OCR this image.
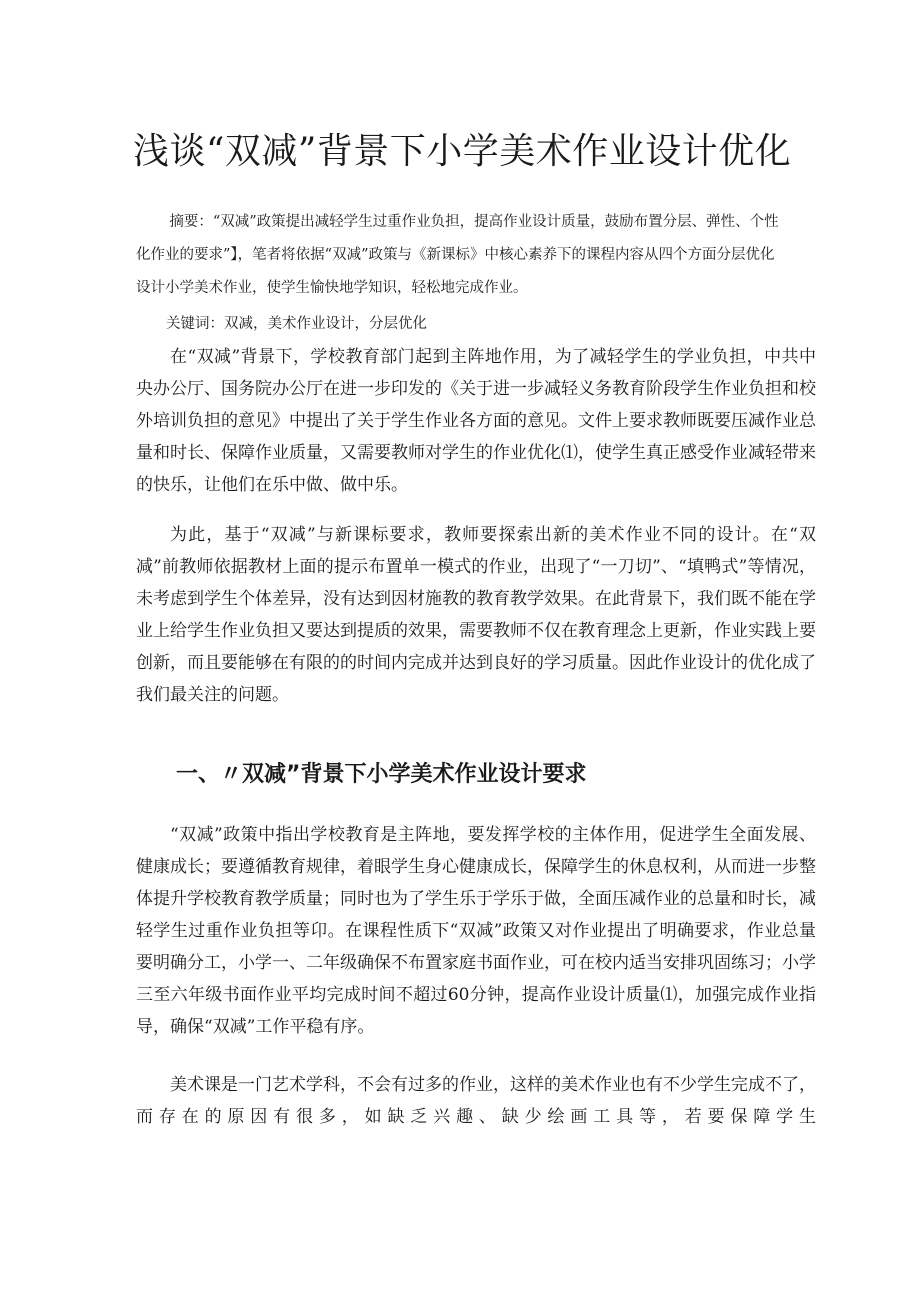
浅谈“双减”背景下小学美术作业设计优化

摘要：“双减”政策提出减轻学生过重作业负担，提高作业设计质量，鼓励布置分层、弹性、个性化作业的要求”】，笔者将依据“双减”政策与《新课标》中核心素养下的课程内容从四个方面分层优化设计小学美术作业，使学生愉快地学知识，轻松地完成作业。

关键词：双减，美术作业设计，分层优化

在“双减”背景下，学校教育部门起到主阵地作用，为了减轻学生的学业负担，中共中央办公厅、国务院办公厅在进一步印发的《关于进一步减轻义务教育阶段学生作业负担和校外培训负担的意见》中提出了关于学生作业各方面的意见。文件上要求教师既要压减作业总量和时长、保障作业质量，又需要教师对学生的作业优化⑴，使学生真正感受作业减轻带来的快乐，让他们在乐中做、做中乐。

为此，基于“双减”与新课标要求，教师要探索出新的美术作业不同的设计。在“双减”前教师依据教材上面的提示布置单一模式的作业，出现了“一刀切”、“填鸭式”等情况，未考虑到学生个体差异，没有达到因材施教的教育教学效果。在此背景下，我们既不能在学业上给学生作业负担又要达到提质的效果，需要教师不仅在教育理念上更新，作业实践上要创新，而且要能够在有限的的时间内完成并达到良好的学习质量。因此作业设计的优化成了我们最关注的问题。

一、〃双减”背景下小学美术作业设计要求

“双减”政策中指出学校教育是主阵地，要发挥学校的主体作用，促进学生全面发展、健康成长；要遵循教育规律，着眼学生身心健康成长，保障学生的休息权利，从而进一步整体提升学校教育教学质量；同时也为了学生乐于学乐于做，全面压减作业的总量和时长，减轻学生过重作业负担等卬。在课程性质下“双减”政策又对作业提出了明确要求，作业总量要明确分工，小学一、二年级确保不布置家庭书面作业，可在校内适当安排巩固练习；小学三至六年级书面作业平均完成时间不超过60分钟，提高作业设计质量⑴，加强完成作业指导，确保“双减”工作平稳有序。

美术课是一门艺术学科，不会有过多的作业，这样的美术作业也有不少学生完成不了，而存在的原因有很多，如缺乏兴趣、缺少绘画工具等，若要保障学生
